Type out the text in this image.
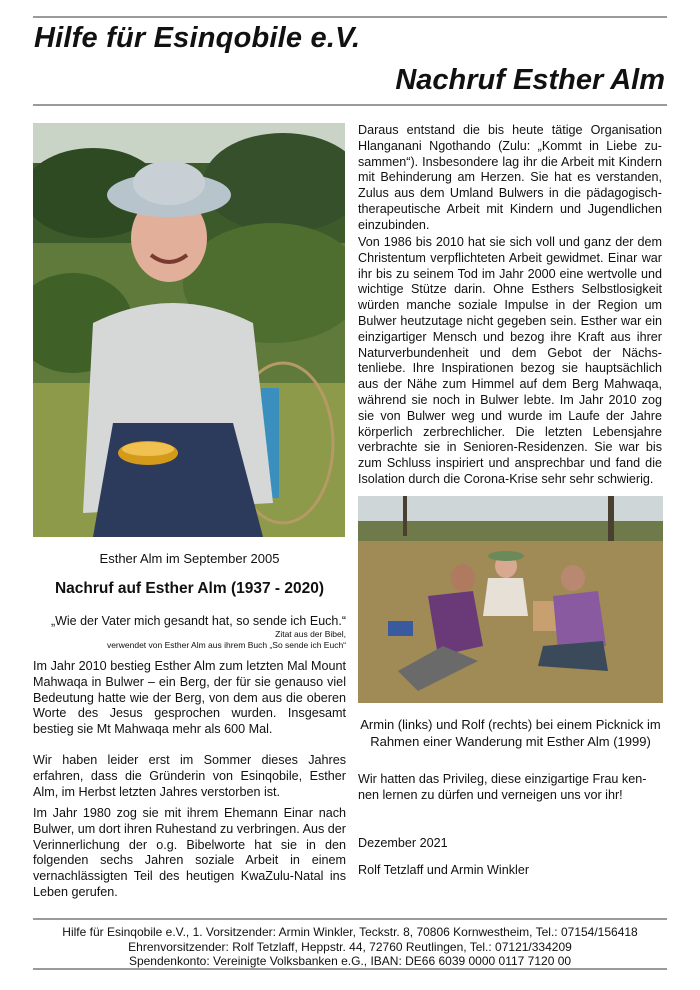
Hilfe für Esinqobile e.V.
Nachruf Esther Alm
Esther Alm im September 2005
Nachruf auf Esther Alm (1937 - 2020)
„Wie der Vater mich gesandt hat, so sende ich Euch.“
Zitat aus der Bibel,
verwendet von Esther Alm aus ihrem Buch „So sende ich Euch“

Im Jahr 2010 bestieg Esther Alm zum letzten Mal Mount Mahwaqa in Bulwer – ein Berg, der für sie genauso viel Bedeutung hatte wie der Berg, von dem aus die oberen Worte des Jesus gesprochen wurden. Insgesamt bestieg sie Mt Mahwaqa mehr als 600 Mal.

Wir haben leider erst im Sommer dieses Jahres erfahren, dass die Gründerin von Esinqobile, Esther Alm, im Herbst letzten Jahres verstorben ist.

Im Jahr 1980 zog sie mit ihrem Ehemann Einar nach Bulwer, um dort ihren Ruhestand zu verbringen. Aus der Verinnerlichung der o.g. Bibelworte hat sie in den folgenden sechs Jahren soziale Arbeit in einem vernachlässigten Teil des heutigen KwaZulu-Natal ins Leben gerufen.

Daraus entstand die bis heute tätige Organisation Hlanganani Ngothando (Zulu: „Kommt in Liebe zusammen“). Insbesondere lag ihr die Arbeit mit Kindern mit Behinderung am Herzen. Sie hat es verstanden, Zulus aus dem Umland Bulwers in die pädagogisch-therapeutische Arbeit mit Kindern und Jugendlichen einzubinden.

Von 1986 bis 2010 hat sie sich voll und ganz der dem Christentum verpflichteten Arbeit gewidmet. Einar war ihr bis zu seinem Tod im Jahr 2000 eine wertvolle und wichtige Stütze darin. Ohne Esthers Selbstlosigkeit würden manche soziale Impulse in der Region um Bulwer heutzutage nicht gegeben sein. Esther war ein einzigartiger Mensch und bezog ihre Kraft aus ihrer Naturverbundenheit und dem Gebot der Nächstenliebe. Ihre Inspirationen bezog sie hauptsächlich aus der Nähe zum Himmel auf dem Berg Mahwaqa, während sie noch in Bulwer lebte. Im Jahr 2010 zog sie von Bulwer weg und wurde im Laufe der Jahre körperlich zerbrechlicher. Die letzten Lebensjahre verbrachte sie in Senioren-Residenzen. Sie war bis zum Schluss inspiriert und ansprechbar und fand die Isolation durch die Corona-Krise sehr sehr schwierig.

Armin (links) und Rolf (rechts) bei einem Picknick im Rahmen einer Wanderung mit Esther Alm (1999)

Wir hatten das Privileg, diese einzigartige Frau kennen lernen zu dürfen und verneigen uns vor ihr!

Dezember 2021
Rolf Tetzlaff und Armin Winkler
Hilfe für Esinqobile e.V., 1. Vorsitzender: Armin Winkler, Teckstr. 8, 70806 Kornwestheim, Tel.: 07154/156418
Ehrenvorsitzender: Rolf Tetzlaff, Heppstr. 44, 72760 Reutlingen, Tel.: 07121/334209
Spendenkonto: Vereinigte Volksbanken e.G., IBAN: DE66 6039 0000 0117 7120 00
